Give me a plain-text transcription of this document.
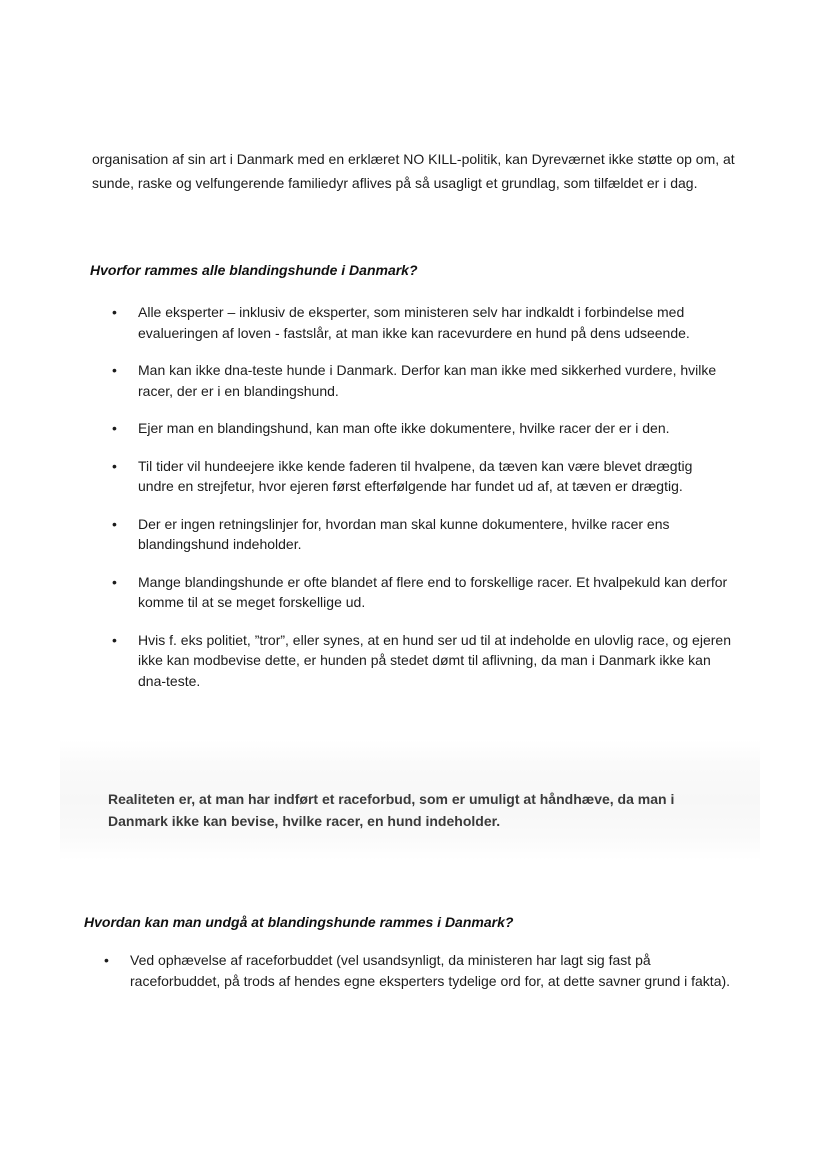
organisation af sin art i Danmark med en erklæret NO KILL-politik, kan Dyreværnet ikke støtte op om, at sunde, raske og velfungerende familiedyr aflives på så usagligt et grundlag, som tilfældet er i dag.

Hvorfor rammes alle blandingshunde i Danmark?
• Alle eksperter – inklusiv de eksperter, som ministeren selv har indkaldt i forbindelse med evalueringen af loven - fastslår, at man ikke kan racevurdere en hund på dens udseende.
• Man kan ikke dna-teste hunde i Danmark. Derfor kan man ikke med sikkerhed vurdere, hvilke racer, der er i en blandingshund.
• Ejer man en blandingshund, kan man ofte ikke dokumentere, hvilke racer der er i den.
• Til tider vil hundeejere ikke kende faderen til hvalpene, da tæven kan være blevet drægtig undre en strejfetur, hvor ejeren først efterfølgende har fundet ud af, at tæven er drægtig.
• Der er ingen retningslinjer for, hvordan man skal kunne dokumentere, hvilke racer ens blandingshund indeholder.
• Mange blandingshunde er ofte blandet af flere end to forskellige racer. Et hvalpekuld kan derfor komme til at se meget forskellige ud.
• Hvis f. eks politiet, ”tror”, eller synes, at en hund ser ud til at indeholde en ulovlig race, og ejeren ikke kan modbevise dette, er hunden på stedet dømt til aflivning, da man i Danmark ikke kan dna-teste.

Realiteten er, at man har indført et raceforbud, som er umuligt at håndhæve, da man i Danmark ikke kan bevise, hvilke racer, en hund indeholder.

Hvordan kan man undgå at blandingshunde rammes i Danmark?
• Ved ophævelse af raceforbuddet (vel usandsynligt, da ministeren har lagt sig fast på raceforbuddet, på trods af hendes egne eksperters tydelige ord for, at dette savner grund i fakta).
